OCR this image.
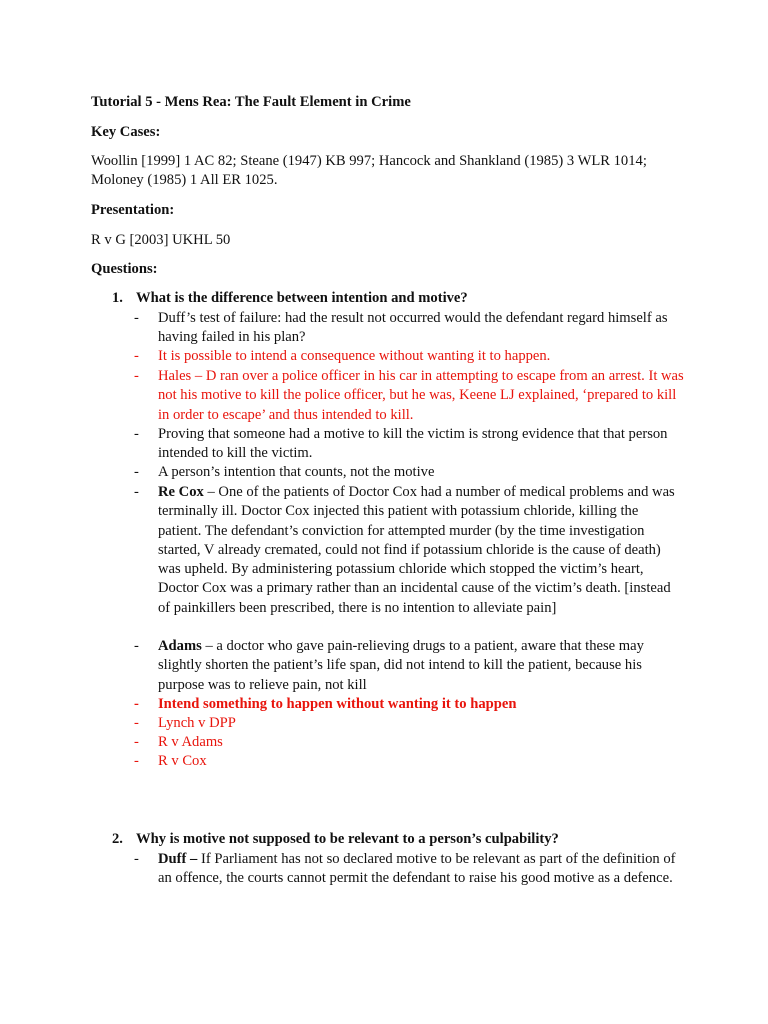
Tutorial 5 - Mens Rea: The Fault Element in Crime
Key Cases:
Woollin [1999] 1 AC 82; Steane (1947) KB 997; Hancock and Shankland (1985) 3 WLR 1014; Moloney (1985) 1 All ER 1025.
Presentation:
R v G [2003] UKHL 50
Questions:
1. What is the difference between intention and motive?
-	Duff’s test of failure: had the result not occurred would the defendant regard himself as having failed in his plan?
-	It is possible to intend a consequence without wanting it to happen.
-	Hales – D ran over a police officer in his car in attempting to escape from an arrest. It was not his motive to kill the police officer, but he was, Keene LJ explained, ‘prepared to kill in order to escape’ and thus intended to kill.
-	Proving that someone had a motive to kill the victim is strong evidence that that person intended to kill the victim.
-	A person’s intention that counts, not the motive
-	Re Cox – One of the patients of Doctor Cox had a number of medical problems and was terminally ill. Doctor Cox injected this patient with potassium chloride, killing the patient. The defendant’s conviction for attempted murder (by the time investigation started, V already cremated, could not find if potassium chloride is the cause of death) was upheld. By administering potassium chloride which stopped the victim’s heart, Doctor Cox was a primary rather than an incidental cause of the victim’s death. [instead of painkillers been prescribed, there is no intention to alleviate pain]
-	Adams – a doctor who gave pain-relieving drugs to a patient, aware that these may slightly shorten the patient’s life span, did not intend to kill the patient, because his purpose was to relieve pain, not kill
-	Intend something to happen without wanting it to happen
-	Lynch v DPP
-	R v Adams
-	R v Cox
2. Why is motive not supposed to be relevant to a person’s culpability?
-	Duff – If Parliament has not so declared motive to be relevant as part of the definition of an offence, the courts cannot permit the defendant to raise his good motive as a defence.
